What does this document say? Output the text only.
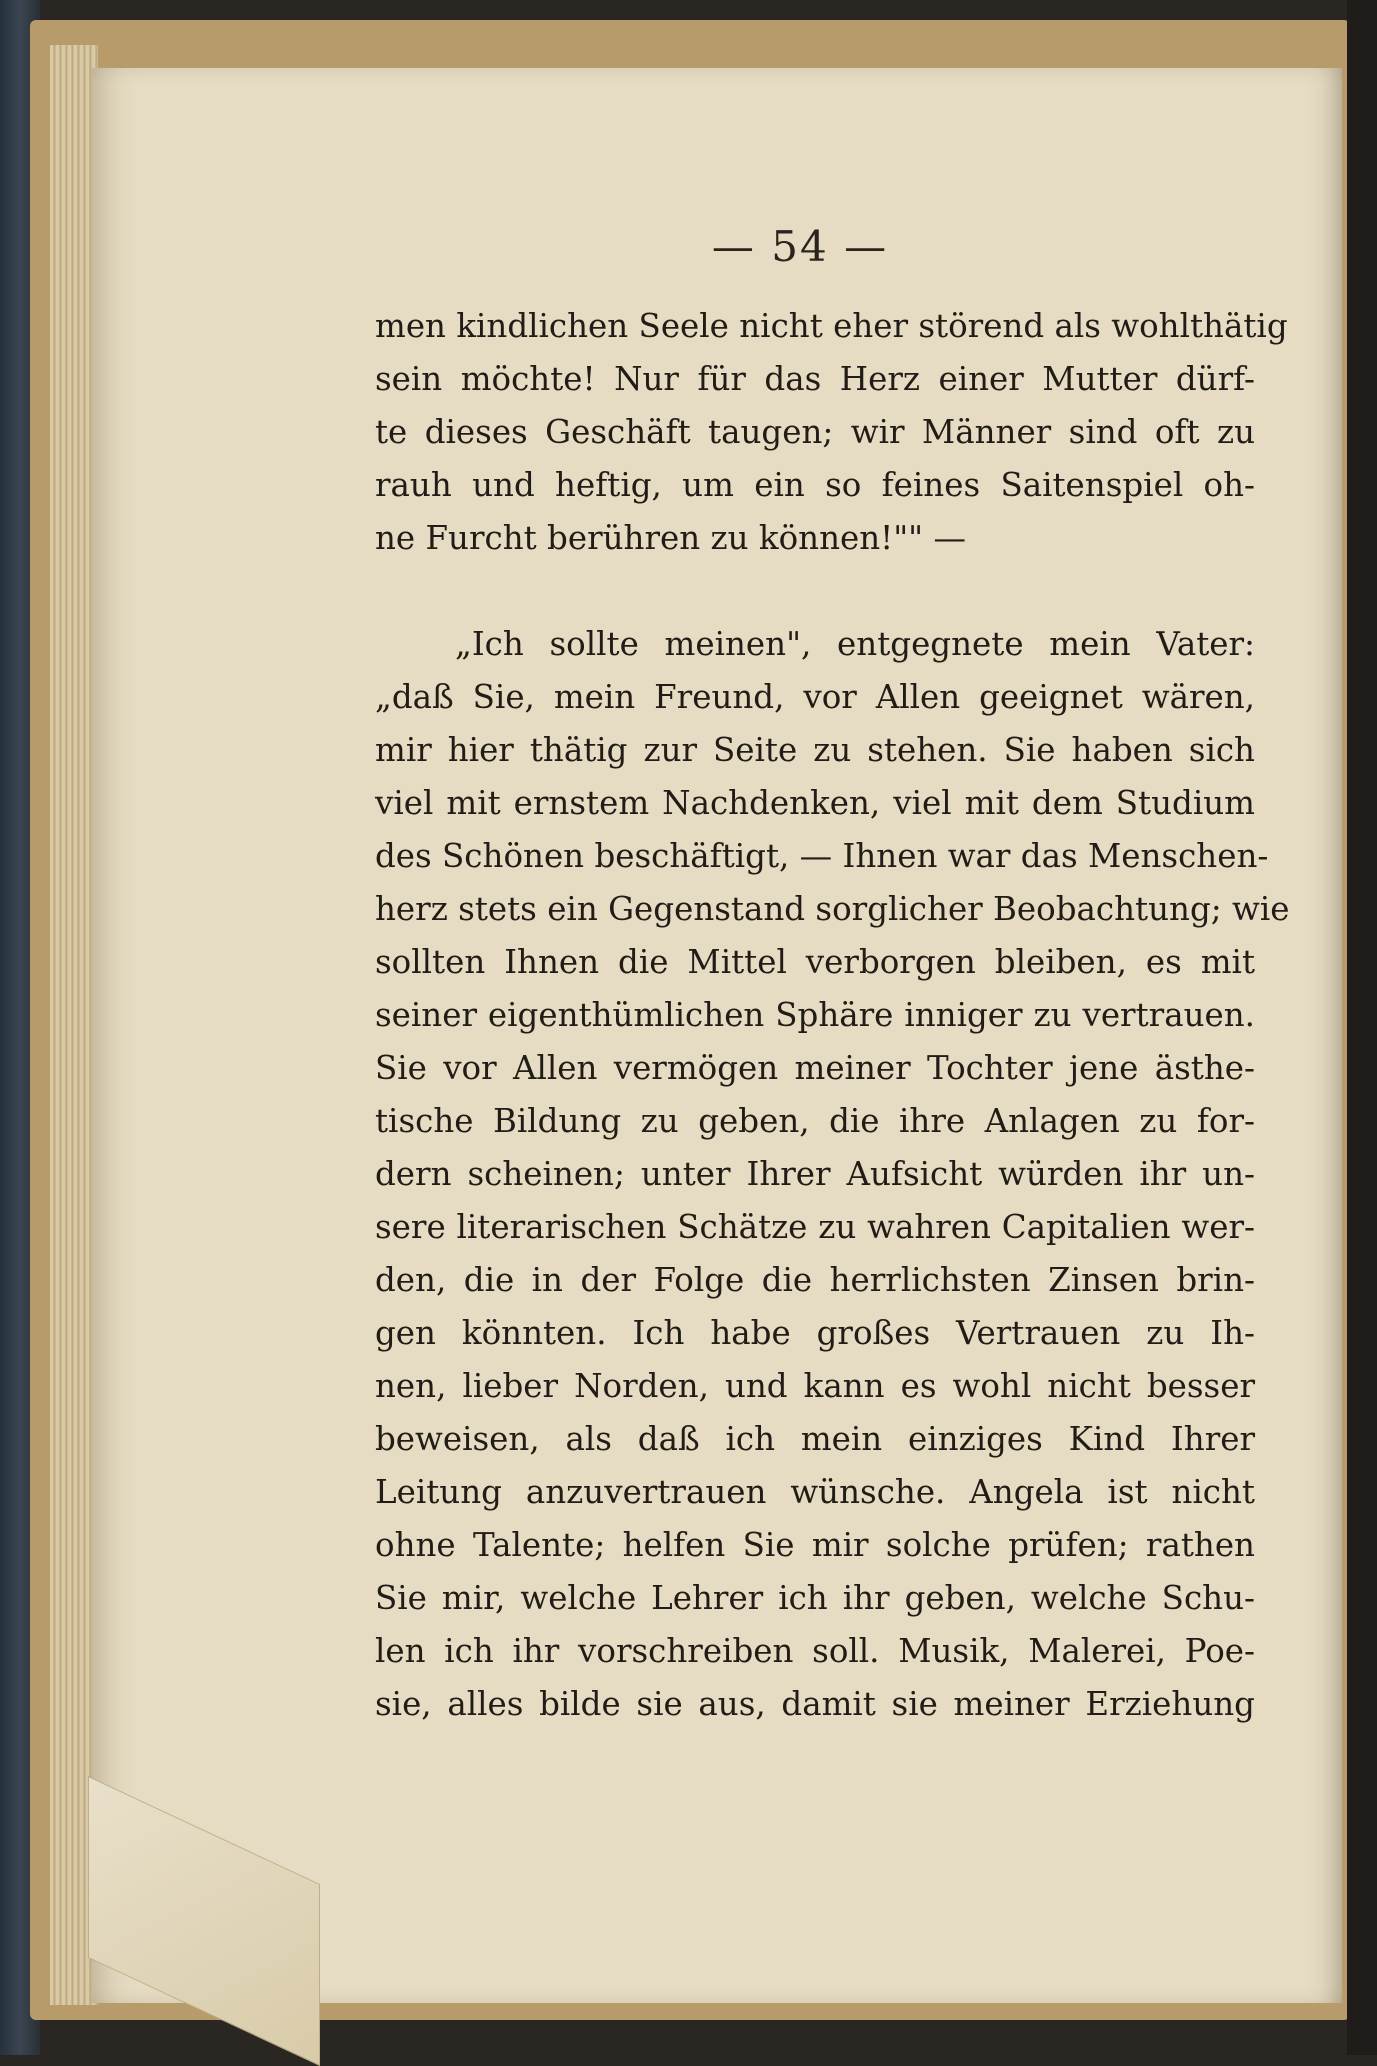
— 54 —
men kindlichen Seele nicht eher störend als wohlthätig
sein möchte! Nur für das Herz einer Mutter dürf-
te dieses Geschäft taugen; wir Männer sind oft zu
rauh und heftig, um ein so feines Saitenspiel oh-
ne Furcht berühren zu können!"" —
„Ich sollte meinen", entgegnete mein Vater:
„daß Sie, mein Freund, vor Allen geeignet wären,
mir hier thätig zur Seite zu stehen. Sie haben sich
viel mit ernstem Nachdenken, viel mit dem Studium
des Schönen beschäftigt, — Ihnen war das Menschen-
herz stets ein Gegenstand sorglicher Beobachtung; wie
sollten Ihnen die Mittel verborgen bleiben, es mit
seiner eigenthümlichen Sphäre inniger zu vertrauen.
Sie vor Allen vermögen meiner Tochter jene ästhe-
tische Bildung zu geben, die ihre Anlagen zu for-
dern scheinen; unter Ihrer Aufsicht würden ihr un-
sere literarischen Schätze zu wahren Capitalien wer-
den, die in der Folge die herrlichsten Zinsen brin-
gen könnten. Ich habe großes Vertrauen zu Ih-
nen, lieber Norden, und kann es wohl nicht besser
beweisen, als daß ich mein einziges Kind Ihrer
Leitung anzuvertrauen wünsche. Angela ist nicht
ohne Talente; helfen Sie mir solche prüfen; rathen
Sie mir, welche Lehrer ich ihr geben, welche Schu-
len ich ihr vorschreiben soll. Musik, Malerei, Poe-
sie, alles bilde sie aus, damit sie meiner Erziehung
